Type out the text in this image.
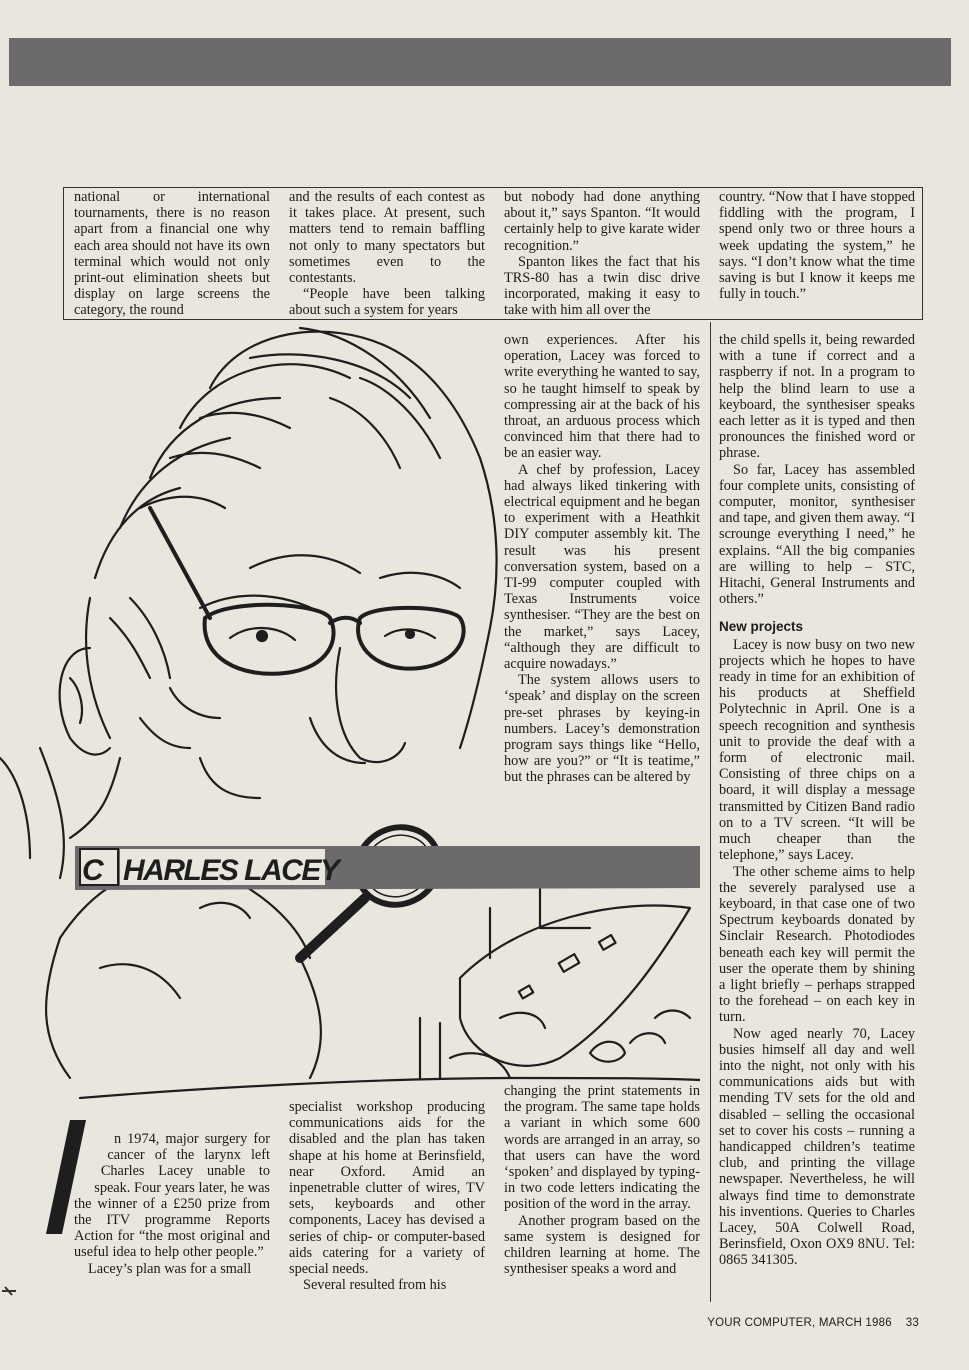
national or international tournaments, there is no reason apart from a financial one why each area should not have its own terminal which would not only print-out elimination sheets but display on large screens the category, the round

and the results of each contest as it takes place. At present, such matters tend to remain baffling not only to many spectators but sometimes even to the contestants.

“People have been talking about such a system for years

but nobody had done anything about it,” says Spanton. “It would certainly help to give karate wider recognition.”

Spanton likes the fact that his TRS-80 has a twin disc drive incorporated, making it easy to take with him all over the

country. “Now that I have stopped fiddling with the program, I spend only two or three hours a week updating the system,” he says. “I don’t know what the time saving is but I know it keeps me fully in touch.”

C HARLES LACEY

own experiences. After his operation, Lacey was forced to write everything he wanted to say, so he taught himself to speak by compressing air at the back of his throat, an arduous process which convinced him that there had to be an easier way.

A chef by profession, Lacey had always liked tinkering with electrical equipment and he began to experiment with a Heathkit DIY computer assembly kit. The result was his present conversation system, based on a TI-99 computer coupled with Texas Instruments voice synthesiser. “They are the best on the market,” says Lacey, “although they are difficult to acquire nowadays.”

The system allows users to ‘speak’ and display on the screen pre-set phrases by keying-in numbers. Lacey’s demonstration program says things like “Hello, how are you?” or “It is teatime,” but the phrases can be altered by

the child spells it, being rewarded with a tune if correct and a raspberry if not. In a program to help the blind learn to use a keyboard, the synthesiser speaks each letter as it is typed and then pronounces the finished word or phrase.

So far, Lacey has assembled four complete units, consisting of computer, monitor, synthesiser and tape, and given them away. “I scrounge everything I need,” he explains. “All the big companies are willing to help – STC, Hitachi, General Instruments and others.”

New projects

Lacey is now busy on two new projects which he hopes to have ready in time for an exhibition of his products at Sheffield Polytechnic in April. One is a speech recognition and synthesis unit to provide the deaf with a form of electronic mail. Consisting of three chips on a board, it will display a message transmitted by Citizen Band radio on to a TV screen. “It will be much cheaper than the telephone,” says Lacey.

The other scheme aims to help the severely paralysed use a keyboard, in that case one of two Spectrum keyboards donated by Sinclair Research. Photodiodes beneath each key will permit the user the operate them by shining a light briefly – perhaps strapped to the forehead – on each key in turn.

Now aged nearly 70, Lacey busies himself all day and well into the night, not only with his communications aids but with mending TV sets for the old and disabled – selling the occasional set to cover his costs – running a handicapped children’s teatime club, and printing the village newspaper. Nevertheless, he will always find time to demonstrate his inventions. Queries to Charles Lacey, 50A Colwell Road, Berinsfield, Oxon OX9 8NU. Tel: 0865 341305.

n 1974, major surgery for cancer of the larynx left Charles Lacey unable to speak. Four years later, he was the winner of a £250 prize from the ITV programme Reports Action for “the most original and useful idea to help other people.”

Lacey’s plan was for a small

specialist workshop producing communications aids for the disabled and the plan has taken shape at his home at Berinsfield, near Oxford. Amid an inpenetrable clutter of wires, TV sets, keyboards and other components, Lacey has devised a series of chip- or computer-based aids catering for a variety of special needs.

Several resulted from his

changing the print statements in the program. The same tape holds a variant in which some 600 words are arranged in an array, so that users can have the word ‘spoken’ and displayed by typing-in two code letters indicating the position of the word in the array.

Another program based on the same system is designed for children learning at home. The synthesiser speaks a word and

YOUR COMPUTER, MARCH 1986 33
